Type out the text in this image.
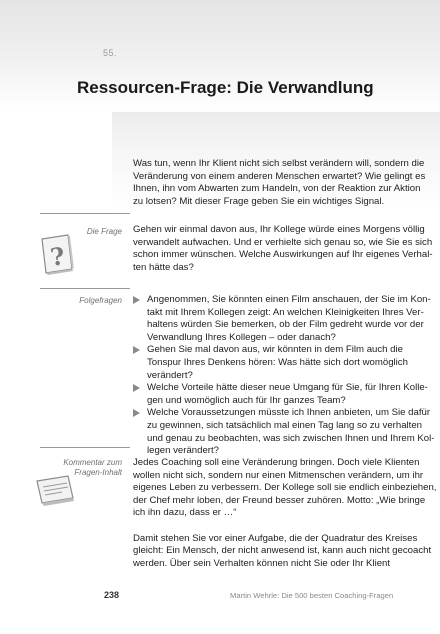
55.
Ressourcen-Frage: Die Verwandlung
Was tun, wenn Ihr Klient nicht sich selbst verändern will, sondern die
Veränderung von einem anderen Menschen erwartet? Wie gelingt es
Ihnen, ihn vom Abwarten zum Handeln, von der Reaktion zur Aktion
zu lotsen? Mit dieser Frage geben Sie ein wichtiges Signal.
Die Frage
?
Gehen wir einmal davon aus, Ihr Kollege würde eines Morgens völlig
verwandelt aufwachen. Und er verhielte sich genau so, wie Sie es sich
schon immer wünschen. Welche Auswirkungen auf Ihr eigenes Verhal-
ten hätte das?
Folgefragen	Angenommen, Sie könnten einen Film anschauen, der Sie im Kon-
takt mit Ihrem Kollegen zeigt: An welchen Kleinigkeiten Ihres Ver-
haltens würden Sie bemerken, ob der Film gedreht wurde vor der
Verwandlung Ihres Kollegen – oder danach?
Gehen Sie mal davon aus, wir könnten in dem Film auch die
Tonspur Ihres Denkens hören: Was hätte sich dort womöglich
verändert?
Welche Vorteile hätte dieser neue Umgang für Sie, für Ihren Kolle-
gen und womöglich auch für Ihr ganzes Team?
Welche Voraussetzungen müsste ich Ihnen anbieten, um Sie dafür
zu gewinnen, sich tatsächlich mal einen Tag lang so zu verhalten
und genau zu beobachten, was sich zwischen Ihnen und Ihrem Kol-
legen verändert?
Kommentar zum
Fragen-Inhalt
Jedes Coaching soll eine Veränderung bringen. Doch viele Klienten
wollen nicht sich, sondern nur einen Mitmenschen verändern, um ihr
eigenes Leben zu verbessern. Der Kollege soll sie endlich einbeziehen,
der Chef mehr loben, der Freund besser zuhören. Motto: „Wie bringe
ich ihn dazu, dass er …“
Damit stehen Sie vor einer Aufgabe, die der Quadratur des Kreises
gleicht: Ein Mensch, der nicht anwesend ist, kann auch nicht gecoacht
werden. Über sein Verhalten können nicht Sie oder Ihr Klient
238	Martin Wehrle: Die 500 besten Coaching-Fragen
